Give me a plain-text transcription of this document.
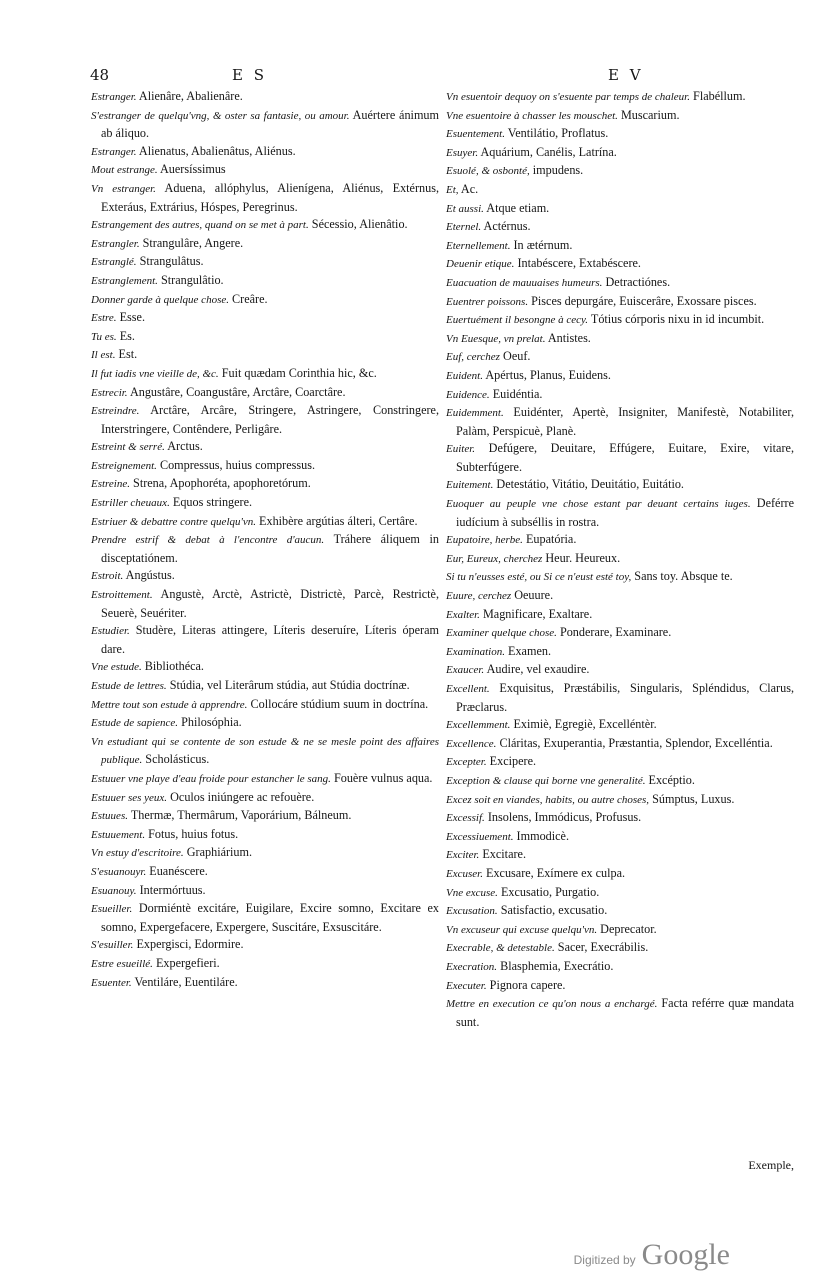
48	E S	E V

Estranger. Alienâre, Abalienâre.

S'estranger de quelqu'vng, & oster sa fantasie, ou amour. Auértere ánimum ab áliquo.

Estranger. Alienatus, Abalienâtus, Aliénus.

Mout estrange. Auersíssimus

Vn estranger. Aduena, allóphylus, Alienígena, Aliénus, Extérnus, Exteráus, Extrárius, Hóspes, Peregrinus.

Estrangement des autres, quand on se met à part. Sécessio, Alienâtio.

Estrangler. Strangulâre, Angere.

Estranglé. Strangulâtus.

Estranglement. Strangulâtio.

Donner garde à quelque chose. Creâre.

Estre. Esse.

Tu es. Es.

Il est. Est.

Il fut iadis vne vieille de, &c. Fuit quædam Corinthia hic, &c.

Estrecir. Angustâre, Coangustâre, Arctâre, Coarctâre.

Estreindre. Arctâre, Arcâre, Stringere, Astringere, Constringere, Interstringere, Contêndere, Perligâre.

Estreint & serré. Arctus.

Estreignement. Compressus, huius compressus.

Estreine. Strena, Apophoréta, apophoretórum.

Estriller cheuaux. Equos stringere.

Estriuer & debattre contre quelqu'vn. Exhibère argútias álteri, Certâre.

Prendre estrif & debat à l'encontre d'aucun. Tráhere áliquem in disceptatiónem.

Estroit. Angústus.

Estroittement. Angustè, Arctè, Astrictè, Districtè, Parcè, Restrictè, Seuerè, Seuériter.

Estudier. Studère, Literas attingere, Líteris deseruíre, Líteris óperam dare.

Vne estude. Bibliothéca.

Estude de lettres. Stúdia, vel Literârum stúdia, aut Stúdia doctrínæ.

Mettre tout son estude à apprendre. Collocáre stúdium suum in doctrína.

Estude de sapience. Philosóphia.

Vn estudiant qui se contente de son estude & ne se mesle point des affaires publique. Scholásticus.

Estuuer vne playe d'eau froide pour estancher le sang. Fouère vulnus aqua.

Estuuer ses yeux. Oculos iniúngere ac refouère.

Estuues. Thermæ, Thermârum, Vaporárium, Bálneum.

Estuuement. Fotus, huius fotus.

Vn estuy d'escritoire. Graphiárium.

S'esuanouyr. Euanéscere.

Esuanouy. Intermórtuus.

Esueiller. Dormiéntè excitáre, Euigilare, Excire somno, Excitare ex somno, Expergefacere, Expergere, Suscitáre, Exsuscitáre.

S'esuiller. Expergisci, Edormire.

Estre esueillé. Expergefieri.

Esuenter. Ventiláre, Euentiláre.

Vn esuentoir dequoy on s'esuente par temps de chaleur. Flabéllum.

Vne esuentoire à chasser les mouschet. Muscarium.

Esuentement. Ventilátio, Proflatus.

Esuyer. Aquárium, Canélis, Latrína.

Esuolé, & osbonté, impudens.

Et, Ac.

Et aussi. Atque etiam.

Eternel. Actérnus.

Eternellement. In ætérnum.

Deuenir etique. Intabéscere, Extabéscere.

Euacuation de mauuaises humeurs. Detractiónes.

Euentrer poissons. Pisces depurgáre, Euiscerâre, Exossare pisces.

Euertuément il besongne à cecy. Tótius córporis nixu in id incumbit.

Vn Euesque, vn prelat. Antistes.

Euf, cerchez Oeuf.

Euident. Apértus, Planus, Euidens.

Euidence. Euidéntia.

Euidemment. Euidénter, Apertè, Insigniter, Manifestè, Notabiliter, Palàm, Perspicuè, Planè.

Euiter. Defúgere, Deuitare, Effúgere, Euitare, Exire, vitare, Subterfúgere.

Euitement. Detestátio, Vitátio, Deuitátio, Euitátio.

Euoquer au peuple vne chose estant par deuant certains iuges. Deférre iudícium à subséllis in rostra.

Eupatoire, herbe. Eupatória.

Eur, Eureux, cherchez Heur. Heureux.

Si tu n'eusses esté, ou Si ce n'eust esté toy, Sans toy. Absque te.

Euure, cerchez Oeuure.

Exalter. Magnificare, Exaltare.

Examiner quelque chose. Ponderare, Examinare.

Examination. Examen.

Exaucer. Audire, vel exaudire.

Excellent. Exquisitus, Præstábilis, Singularis, Spléndidus, Clarus, Præclarus.

Excellemment. Eximiè, Egregiè, Excelléntèr.

Excellence. Cláritas, Exuperantia, Præstantia, Splendor, Excelléntia.

Excepter. Excipere.

Exception & clause qui borne vne generalité. Excéptio.

Excez soit en viandes, habits, ou autre choses, Súmptus, Luxus.

Excessif. Insolens, Immódicus, Profusus.

Excessiuement. Immodicè.

Exciter. Excitare.

Excuser. Excusare, Exímere ex culpa.

Vne excuse. Excusatio, Purgatio.

Excusation. Satisfactio, excusatio.

Vn excuseur qui excuse quelqu'vn. Deprecator.

Execrable, & detestable. Sacer, Execrábilis.

Execration. Blasphemia, Execrátio.

Executer. Pignora capere.

Mettre en execution ce qu'on nous a enchargé. Facta reférre quæ mandata sunt.

Exemple,
Digitized by Google
